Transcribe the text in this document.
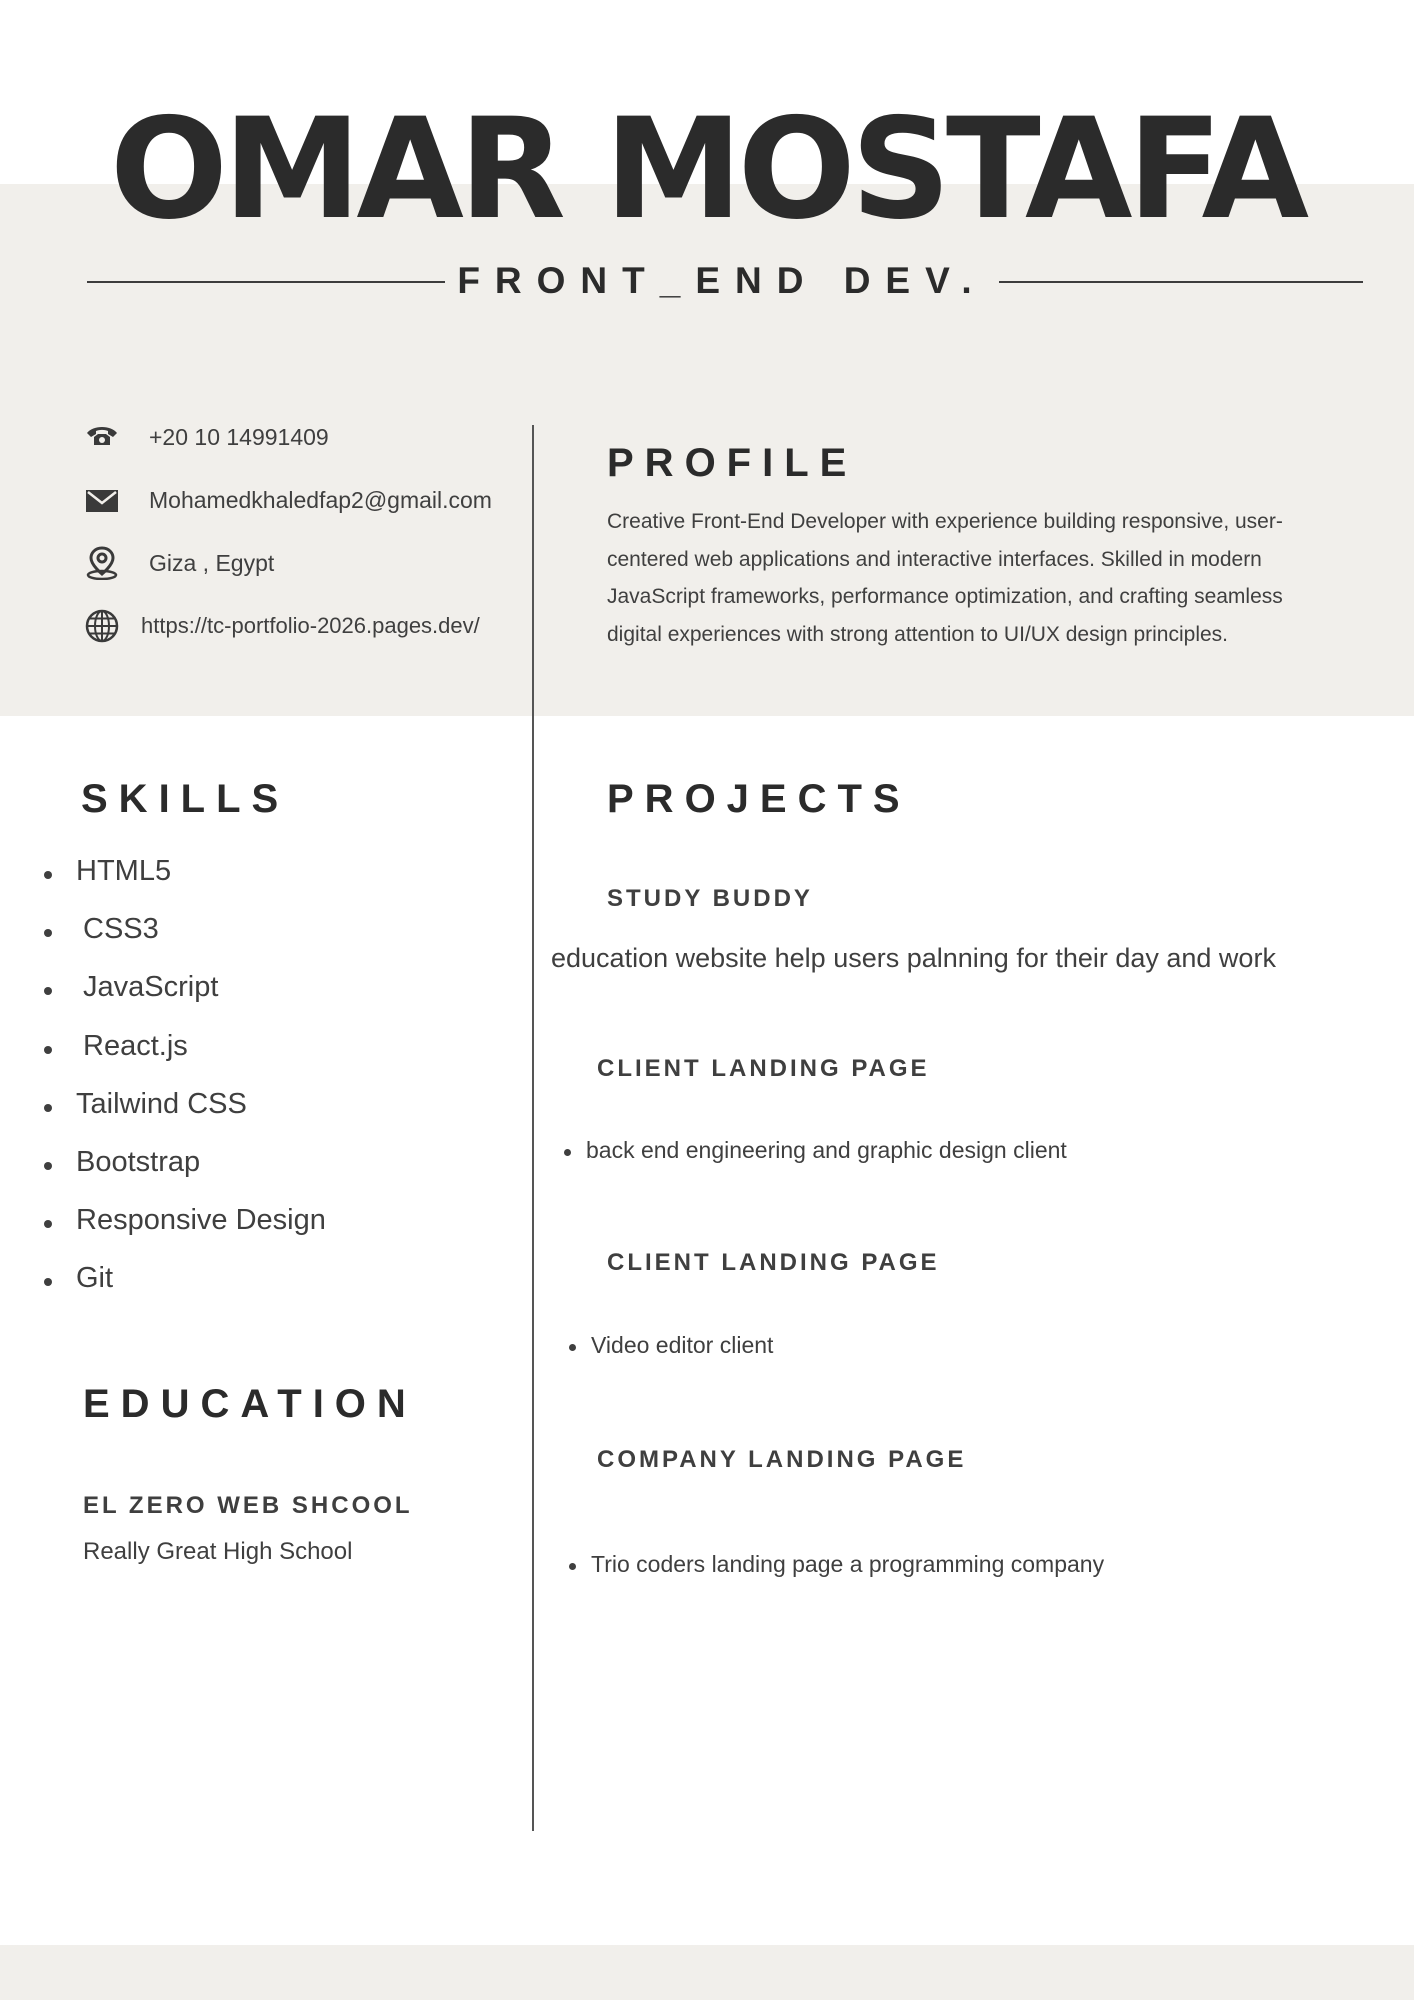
OMAR MOSTAFA
FRONT_END DEV.
+20 10 14991409
Mohamedkhaledfap2@gmail.com
Giza , Egypt
https://tc-portfolio-2026.pages.dev/
PROFILE
Creative Front-End Developer with experience building responsive, user-centered web applications and interactive interfaces. Skilled in modern JavaScript frameworks, performance optimization, and crafting seamless digital experiences with strong attention to UI/UX design principles.
SKILLS
HTML5
CSS3
JavaScript
React.js
Tailwind CSS
Bootstrap
Responsive Design
Git
EDUCATION
EL ZERO WEB SHCOOL
Really Great High School
PROJECTS
STUDY BUDDY
education website help users palnning for their day and work
CLIENT LANDING PAGE
back end engineering and graphic design client
CLIENT LANDING PAGE
Video editor client
COMPANY LANDING PAGE
Trio coders landing page a programming company
